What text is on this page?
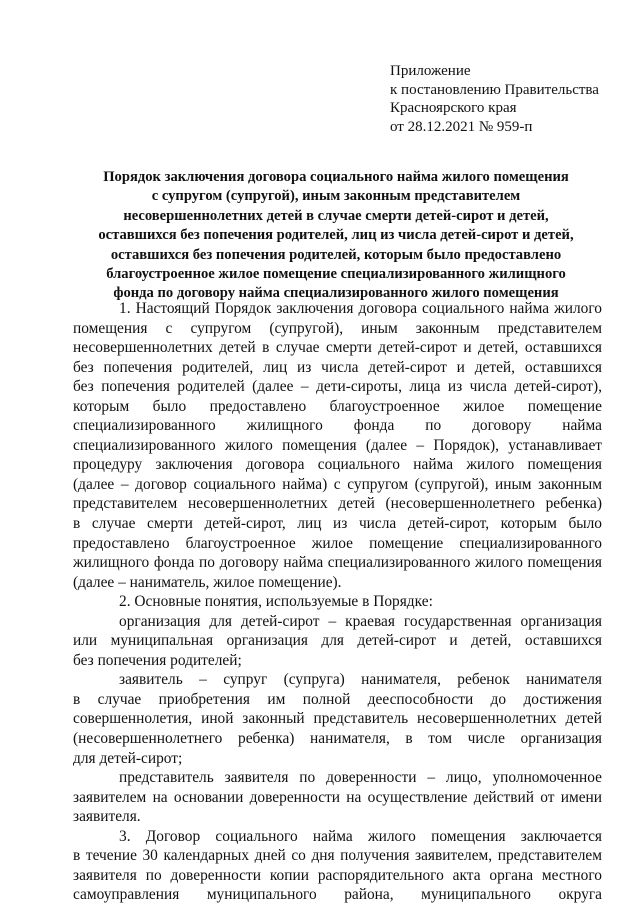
Приложение
к постановлению Правительства
Красноярского края
от 28.12.2021 № 959-п
Порядок заключения договора социального найма жилого помещения
с супругом (супругой), иным законным представителем
несовершеннолетних детей в случае смерти детей-сирот и детей,
оставшихся без попечения родителей, лиц из числа детей-сирот и детей,
оставшихся без попечения родителей, которым было предоставлено
благоустроенное жилое помещение специализированного жилищного
фонда по договору найма специализированного жилого помещения
1. Настоящий Порядок заключения договора социального найма жилого
помещения с супругом (супругой), иным законным представителем
несовершеннолетних детей в случае смерти детей-сирот и детей, оставшихся
без попечения родителей, лиц из числа детей-сирот и детей, оставшихся
без попечения родителей (далее – дети-сироты, лица из числа детей-сирот),
которым было предоставлено благоустроенное жилое помещение
специализированного жилищного фонда по договору найма
специализированного жилого помещения (далее – Порядок), устанавливает
процедуру заключения договора социального найма жилого помещения
(далее – договор социального найма) с супругом (супругой), иным законным
представителем несовершеннолетних детей (несовершеннолетнего ребенка)
в случае смерти детей-сирот, лиц из числа детей-сирот, которым было
предоставлено благоустроенное жилое помещение специализированного
жилищного фонда по договору найма специализированного жилого помещения
(далее – наниматель, жилое помещение).
2. Основные понятия, используемые в Порядке:
организация для детей-сирот – краевая государственная организация
или муниципальная организация для детей-сирот и детей, оставшихся
без попечения родителей;
заявитель – супруг (супруга) нанимателя, ребенок нанимателя
в случае приобретения им полной дееспособности до достижения
совершеннолетия, иной законный представитель несовершеннолетних детей
(несовершеннолетнего ребенка) нанимателя, в том числе организация
для детей-сирот;
представитель заявителя по доверенности – лицо, уполномоченное
заявителем на основании доверенности на осуществление действий от имени
заявителя.
3. Договор социального найма жилого помещения заключается
в течение 30 календарных дней со дня получения заявителем, представителем
заявителя по доверенности копии распорядительного акта органа местного
самоуправления муниципального района, муниципального округа
